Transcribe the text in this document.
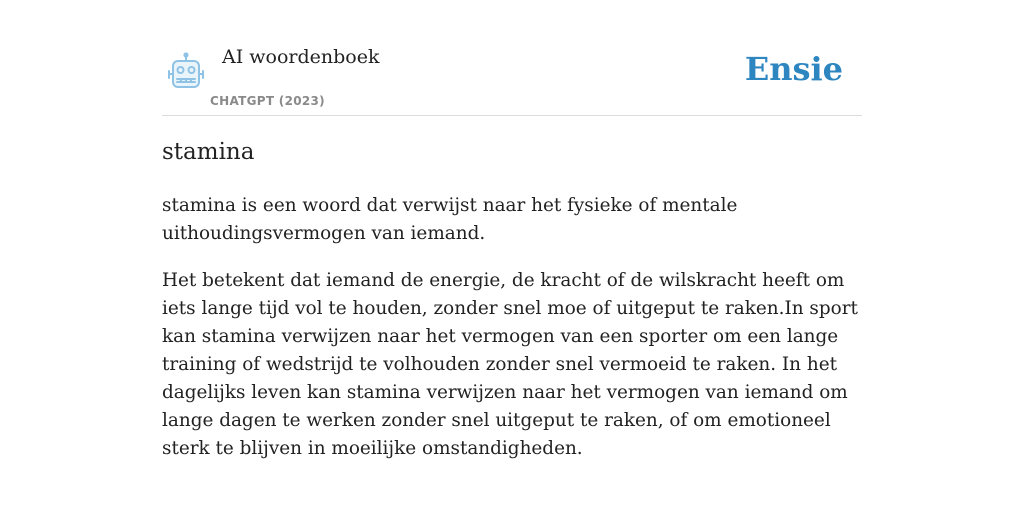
AI woordenboek
CHATGPT (2023)
Ensie
stamina

stamina is een woord dat verwijst naar het fysieke of mentale uithoudingsvermogen van iemand.

Het betekent dat iemand de energie, de kracht of de wilskracht heeft om iets lange tijd vol te houden, zonder snel moe of uitgeput te raken.In sport kan stamina verwijzen naar het vermogen van een sporter om een lange training of wedstrijd te volhouden zonder snel vermoeid te raken. In het dagelijks leven kan stamina verwijzen naar het vermogen van iemand om lange dagen te werken zonder snel uitgeput te raken, of om emotioneel sterk te blijven in moeilijke omstandigheden.
